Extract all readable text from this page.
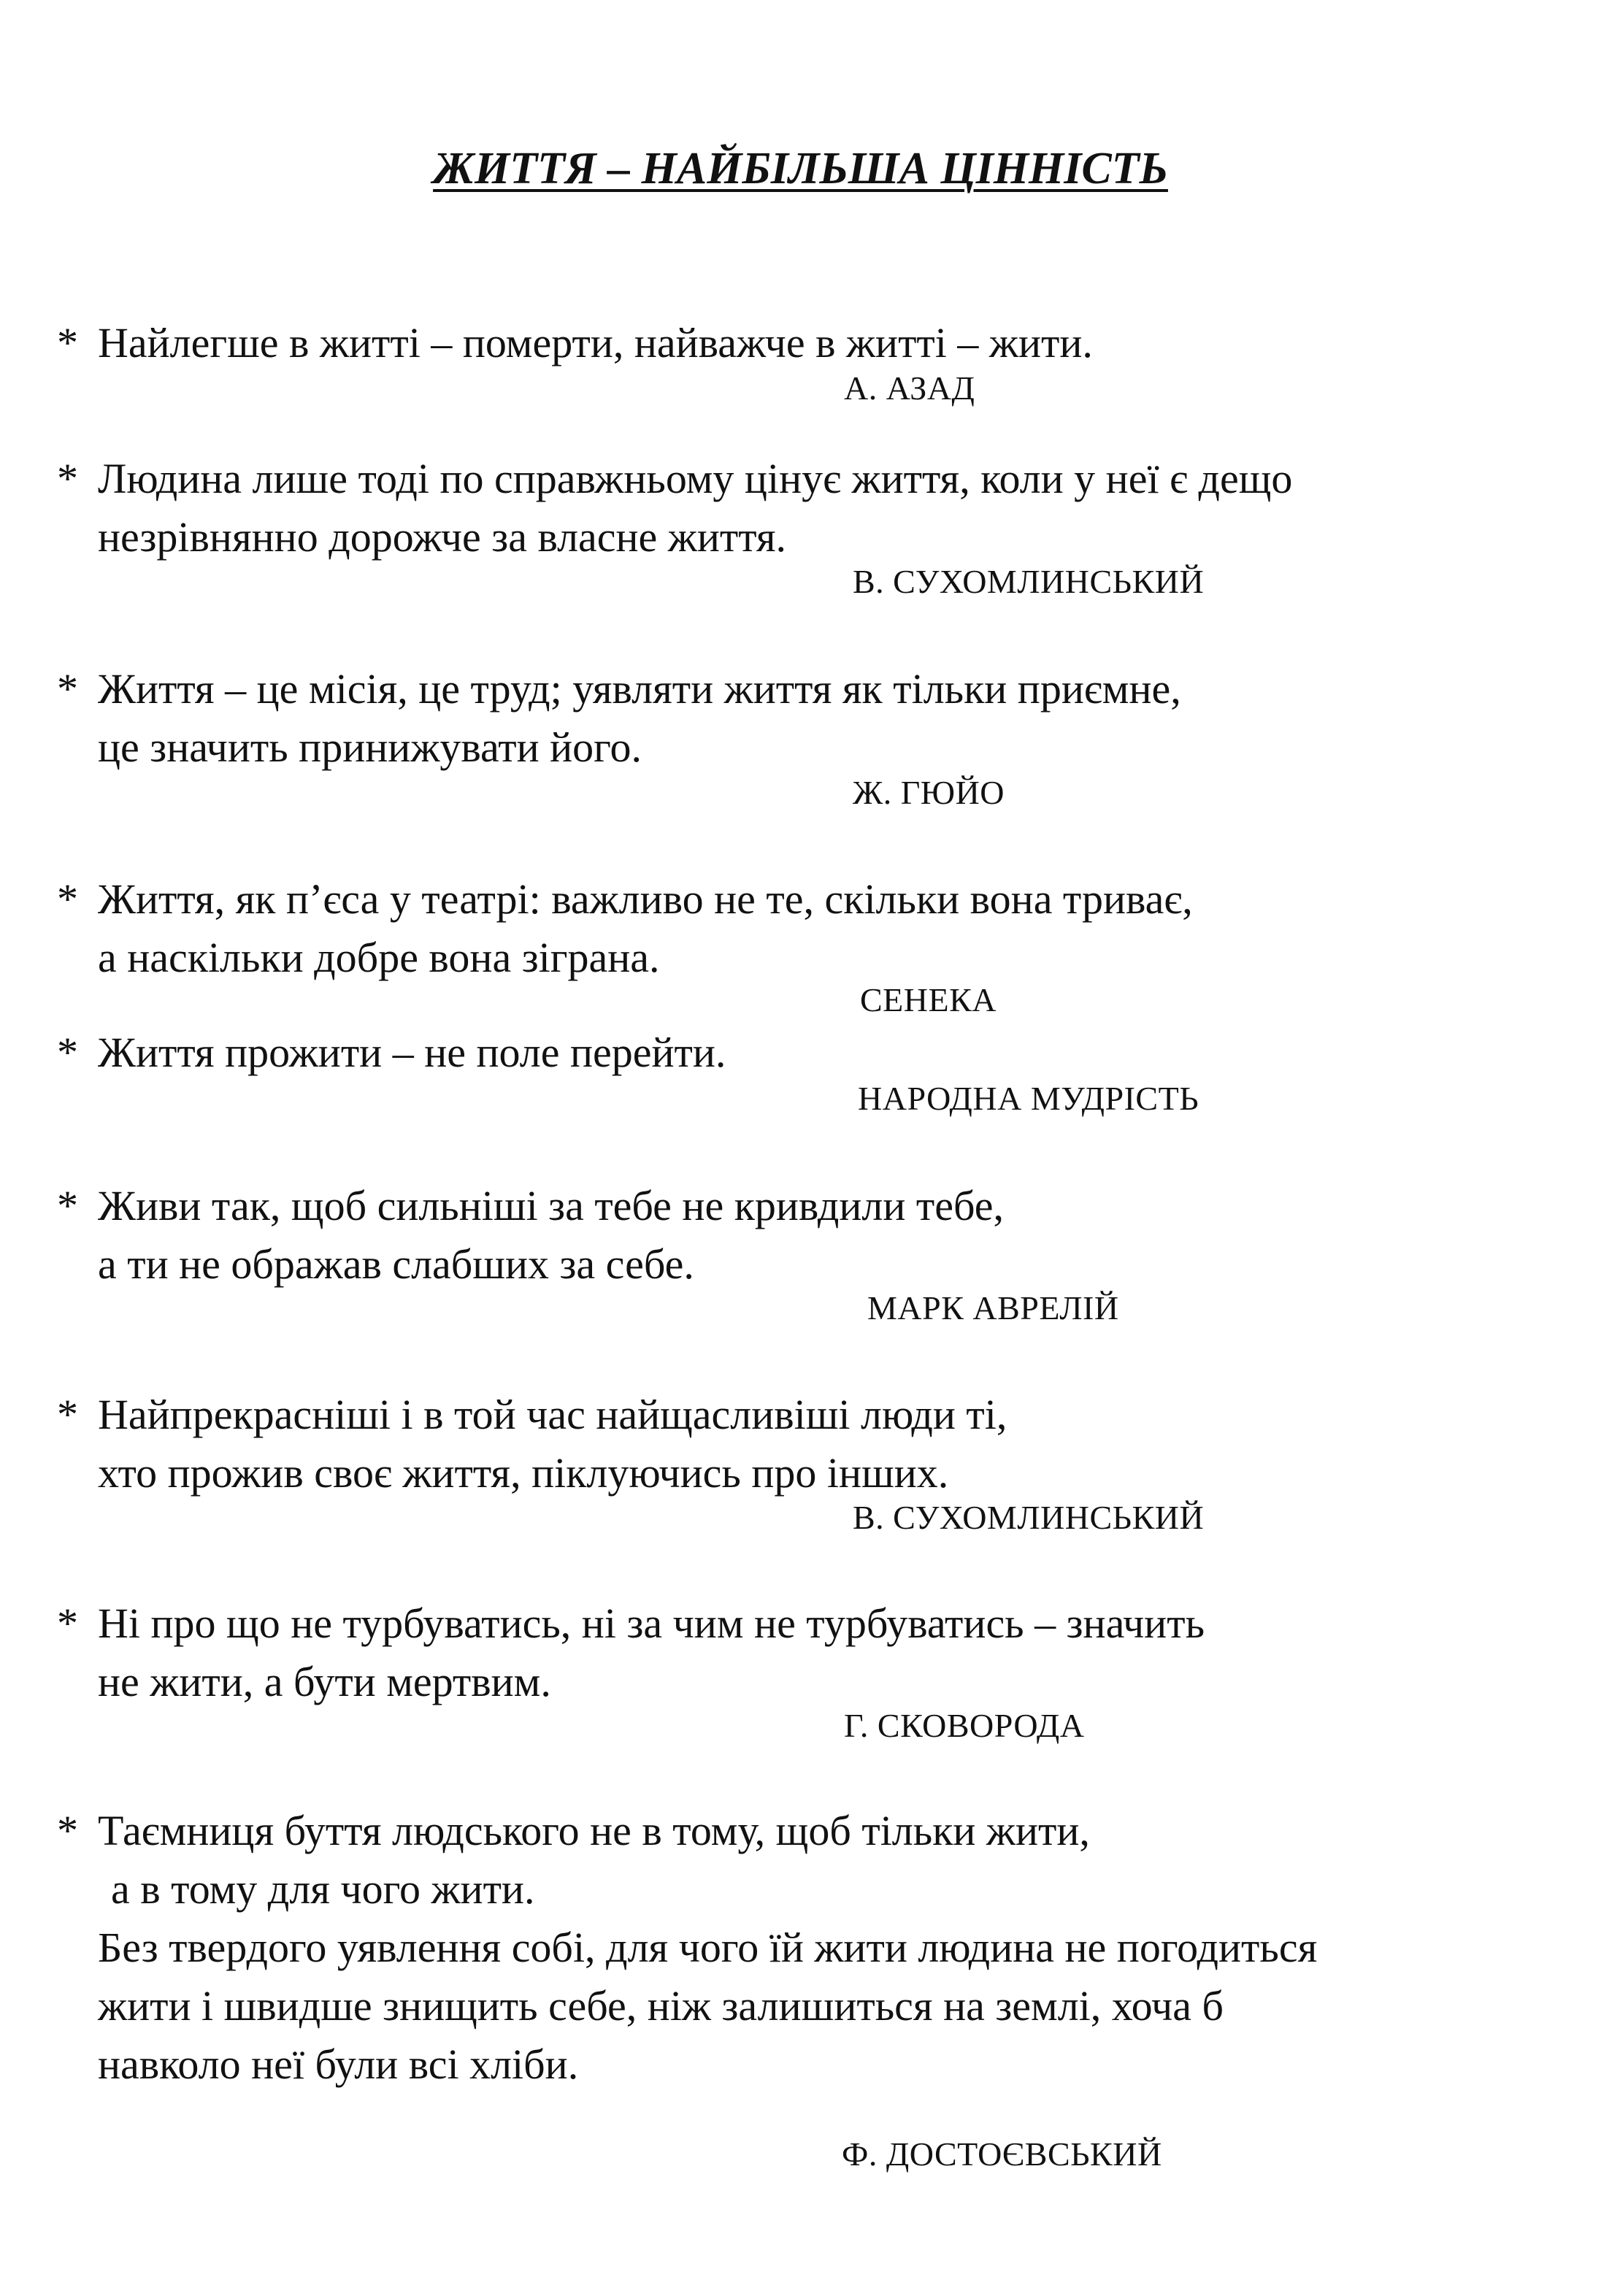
ЖИТТЯ – НАЙБІЛЬША ЦІННІСТЬ
* Найлегше в житті – померти, найважче в житті – жити.
А. АЗАД
* Людина лише тоді по справжньому цінує життя, коли у неї є дещо
незрівнянно дорожче за власне життя.
В. СУХОМЛИНСЬКИЙ
* Життя – це місія, це труд; уявляти життя як тільки приємне,
це значить принижувати його.
Ж. ГЮЙО
* Життя, як п’єса у театрі: важливо не те, скільки вона триває,
а наскільки добре вона зіграна.
СЕНЕКА
* Життя прожити – не поле перейти.
НАРОДНА МУДРІСТЬ
* Живи так, щоб сильніші за тебе не кривдили тебе,
а ти не ображав слабших за себе.
МАРК АВРЕЛІЙ
* Найпрекрасніші і в той час найщасливіші люди ті,
хто прожив своє життя, піклуючись про інших.
В. СУХОМЛИНСЬКИЙ
* Ні про що не турбуватись, ні за чим не турбуватись – значить
не жити, а бути мертвим.
Г. СКОВОРОДА
* Таємниця буття людського не в тому, щоб тільки жити,
а в тому для чого жити.
Без твердого уявлення собі, для чого їй жити людина не погодиться
жити і швидше знищить себе, ніж залишиться на землі, хоча б
навколо неї були всі хліби.
Ф. ДОСТОЄВСЬКИЙ
